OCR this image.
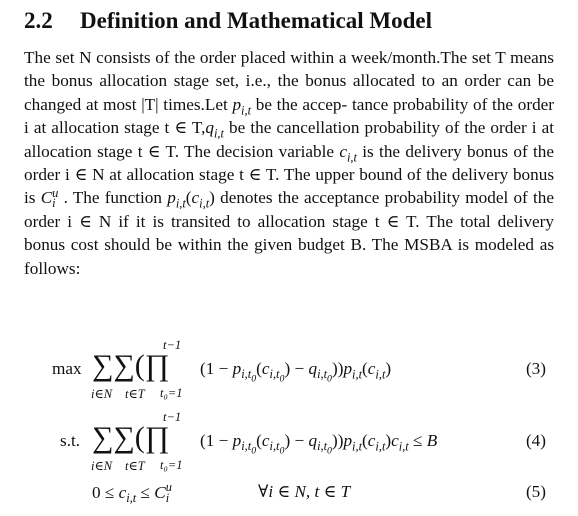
2.2 Definition and Mathematical Model
The set N consists of the order placed within a week/month.The set T means the bonus allocation stage set, i.e., the bonus allocated to an order can be changed at most |T| times.Let $p_{i,t}$ be the accep- tance probability of the order i at allocation stage t ∈ $T,q_{i,t}$ be the cancellation probability of the order i at allocation stage t ∈ T. The decision variable $c_{i,t}$ is the delivery bonus of the order i ∈ N at allocation stage t ∈ T. The upper bound of the delivery bonus is C u
i . The function $p_{i,t}(c_{i,t})$ denotes the acceptance probability model of the order i ∈ N if it is transited to allocation stage t ∈ T. The total delivery bonus cost should be within the given budget B. The MSBA is modeled as follows:
max ∑∑(∏
t−1
i∈N t∈T t₀=1
$(1 - p_{i,t_0}(c_{i,t_0}) - q_{i,t_0}))p_{i,t}(c_{i,t})$	(3)
s.t. ∑∑(∏
t−1
i∈N t∈T t₀=1
$(1 - p_{i,t_0}(c_{i,t_0}) - q_{i,t_0}))p_{i,t}(c_{i,t})c_{i,t} \le B$	(4)
$0 \le c_{i,t} \le C$ u
i	∀i ∈ N, t ∈ T	(5)
